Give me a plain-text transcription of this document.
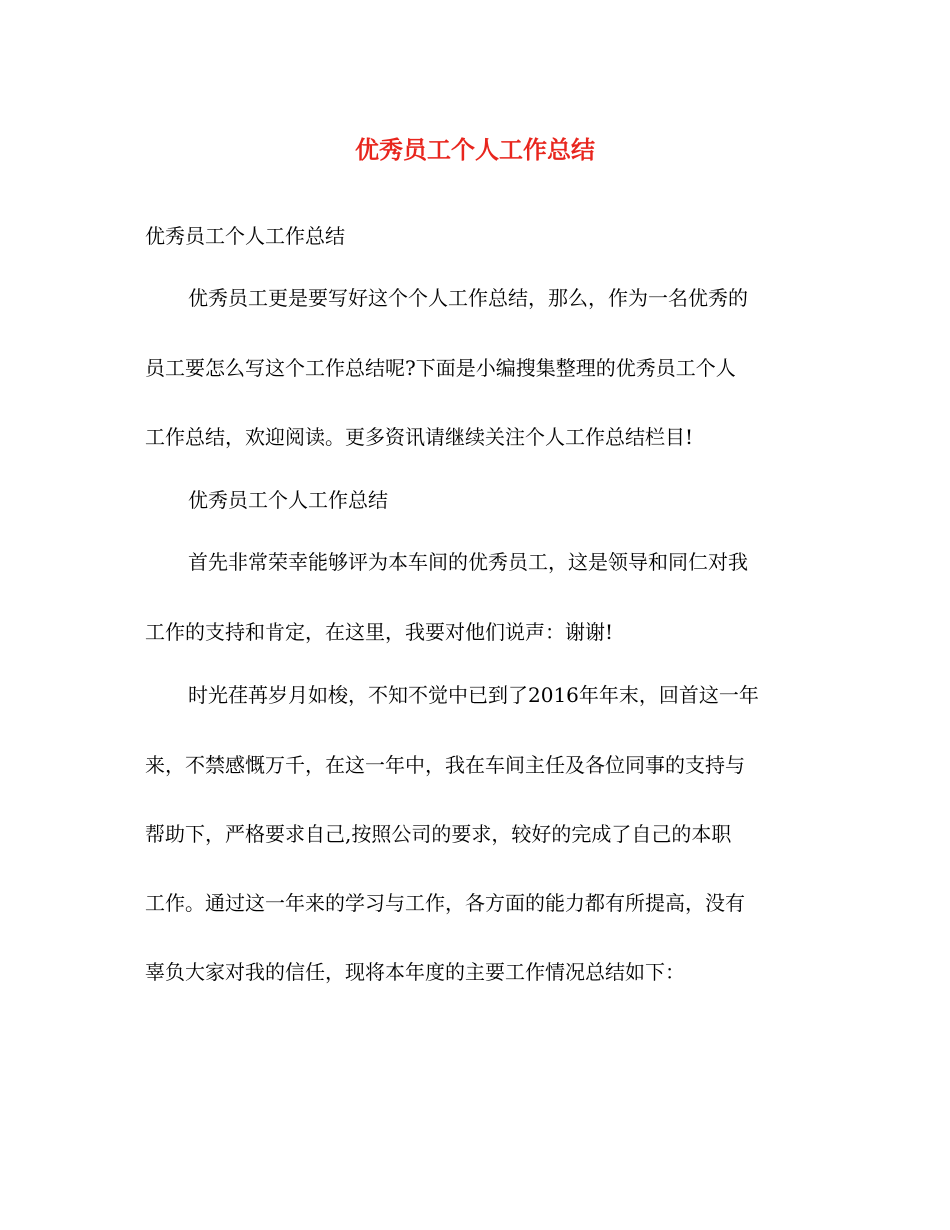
优秀员工个人工作总结

优秀员工个人工作总结

优秀员工更是要写好这个个人工作总结，那么，作为一名优秀的

员工要怎么写这个工作总结呢?下面是小编搜集整理的优秀员工个人

工作总结，欢迎阅读。更多资讯请继续关注个人工作总结栏目!

优秀员工个人工作总结

首先非常荣幸能够评为本车间的优秀员工，这是领导和同仁对我

工作的支持和肯定，在这里，我要对他们说声：谢谢!

时光荏苒岁月如梭，不知不觉中已到了2016年年末，回首这一年

来，不禁感慨万千，在这一年中，我在车间主任及各位同事的支持与

帮助下，严格要求自己,按照公司的要求，较好的完成了自己的本职

工作。通过这一年来的学习与工作，各方面的能力都有所提高，没有

辜负大家对我的信任，现将本年度的主要工作情况总结如下：
